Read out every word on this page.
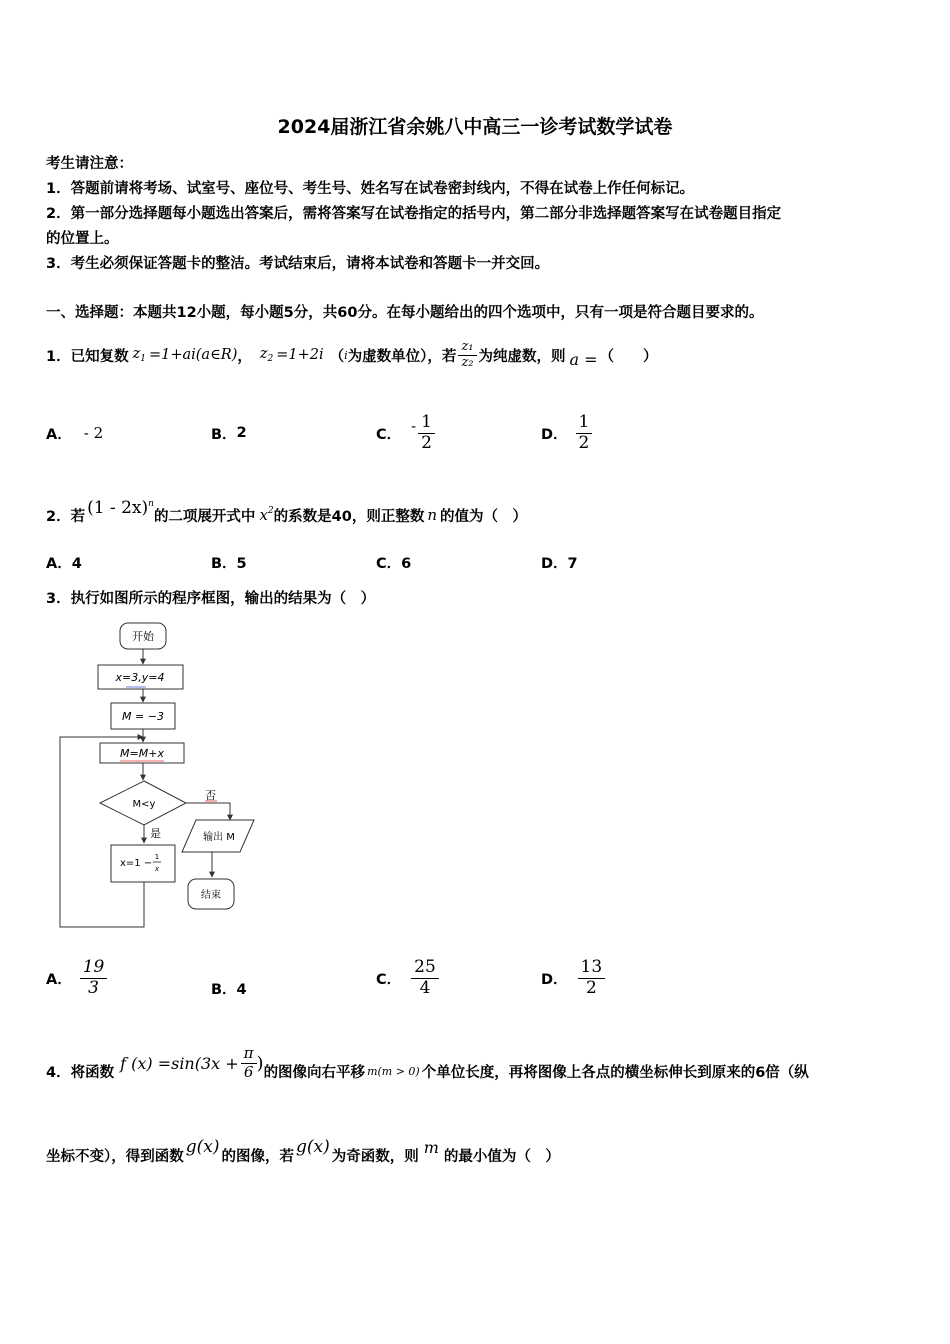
2024届浙江省余姚八中高三一诊考试数学试卷
考生请注意：
1．答题前请将考场、试室号、座位号、考生号、姓名写在试卷密封线内，不得在试卷上作任何标记。
2．第一部分选择题每小题选出答案后，需将答案写在试卷指定的括号内，第二部分非选择题答案写在试卷题目指定
的位置上。
3．考生必须保证答题卡的整洁。考试结束后，请将本试卷和答题卡一并交回。
一、选择题：本题共12小题，每小题5分，共60分。在每小题给出的四个选项中，只有一项是符合题目要求的。
1．已知复数 $z_1$ =1+ai(a∈R) ， $z_2 =1+2i$ （ i 为虚数单位），若 $\frac{\text{z₁}}{\text{z₂}}$ 为纯虚数，则 a = （　　）
A． - 2	B． 2	C． - $\frac{1}{2}$	D． $\frac{1}{2}$
2．若 (1 - 2x)$^n$
的二项展开式中 $x^2$ 的系数是40，则正整数 n 的值为（　）
A．4	B．5	C．6	D．7
3．执行如图所示的程序框图，输出的结果为（　）
开始
x=3,y=4
M = −3
M=M+x
M<y
否
是
x=1 −
1
x
输出 M
结束
A． $\frac{19}{3}$	B．4
C． $\frac{25}{4}$	D． $\frac{13}{2}$
4．将函数 f $(x) =\sin(3x + \frac{\pi}{6}$ ) 的图像向右平移 m(m > 0) 个单位长度，再将图像上各点的横坐标伸长到原来的6倍（纵
坐标不变），得到函数 g(x) 的图像，若 g(x) 为奇函数，则 m 的最小值为（　）
